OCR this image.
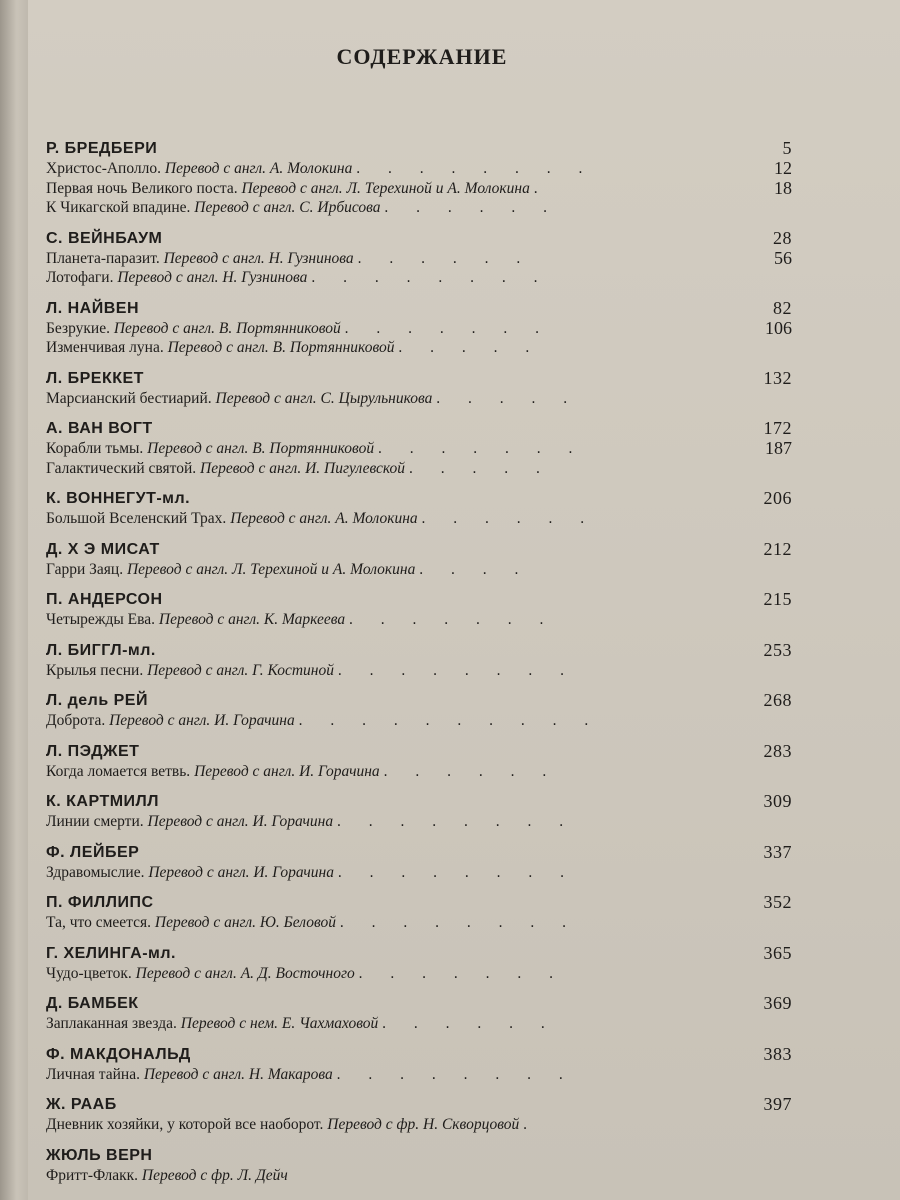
СОДЕРЖАНИЕ
Р. БРЕДБЕРИ	5
Христос-Аполло. Перевод с англ. А. Молокина . . . . . . . .	12
Первая ночь Великого поста. Перевод с англ. Л. Терехиной и А. Молокина .	18
К Чикагской впадине. Перевод с англ. С. Ирбисова . . . . . .
С. ВЕЙНБАУМ	28
Планета-паразит. Перевод с англ. Н. Гузнинова . . . . . .	56
Лотофаги. Перевод с англ. Н. Гузнинова . . . . . . . .
Л. НАЙВЕН	82
Безрукие. Перевод с англ. В. Портянниковой . . . . . . .	106
Изменчивая луна. Перевод с англ. В. Портянниковой . . . . .
Л. БРЕККЕТ	132
Марсианский бестиарий. Перевод с англ. С. Цырульникова . . . . .
А. ВАН ВОГТ	172
Корабли тьмы. Перевод с англ. В. Портянниковой . . . . . . .	187
Галактический святой. Перевод с англ. И. Пигулевской . . . . .
К. ВОННЕГУТ-мл.	206
Большой Вселенский Трах. Перевод с англ. А. Молокина . . . . . .
Д. Х Э МИСАТ	212
Гарри Заяц. Перевод с англ. Л. Терехиной и А. Молокина . . . .
П. АНДЕРСОН	215
Четырежды Ева. Перевод с англ. К. Маркеева . . . . . . .
Л. БИГГЛ-мл.	253
Крылья песни. Перевод с англ. Г. Костиной . . . . . . . .
Л. дель РЕЙ	268
Доброта. Перевод с англ. И. Горачина . . . . . . . . . .
Л. ПЭДЖЕТ	283
Когда ломается ветвь. Перевод с англ. И. Горачина . . . . . .
К. КАРТМИЛЛ	309
Линии смерти. Перевод с англ. И. Горачина . . . . . . . .
Ф. ЛЕЙБЕР	337
Здравомыслие. Перевод с англ. И. Горачина . . . . . . . .
П. ФИЛЛИПС	352
Та, что смеется. Перевод с англ. Ю. Беловой . . . . . . . .
Г. ХЕЛИНГА-мл.	365
Чудо-цветок. Перевод с англ. А. Д. Восточного . . . . . . .
Д. БАМБЕК	369
Заплаканная звезда. Перевод с нем. Е. Чахмаховой . . . . . .
Ф. МАКДОНАЛЬД	383
Личная тайна. Перевод с англ. Н. Макарова . . . . . . . .
Ж. РААБ	397
Дневник хозяйки, у которой все наоборот. Перевод с фр. Н. Скворцовой .
ЖЮЛЬ ВЕРН
Фритт-Флакк. Перевод с фр. Л. Дейч
